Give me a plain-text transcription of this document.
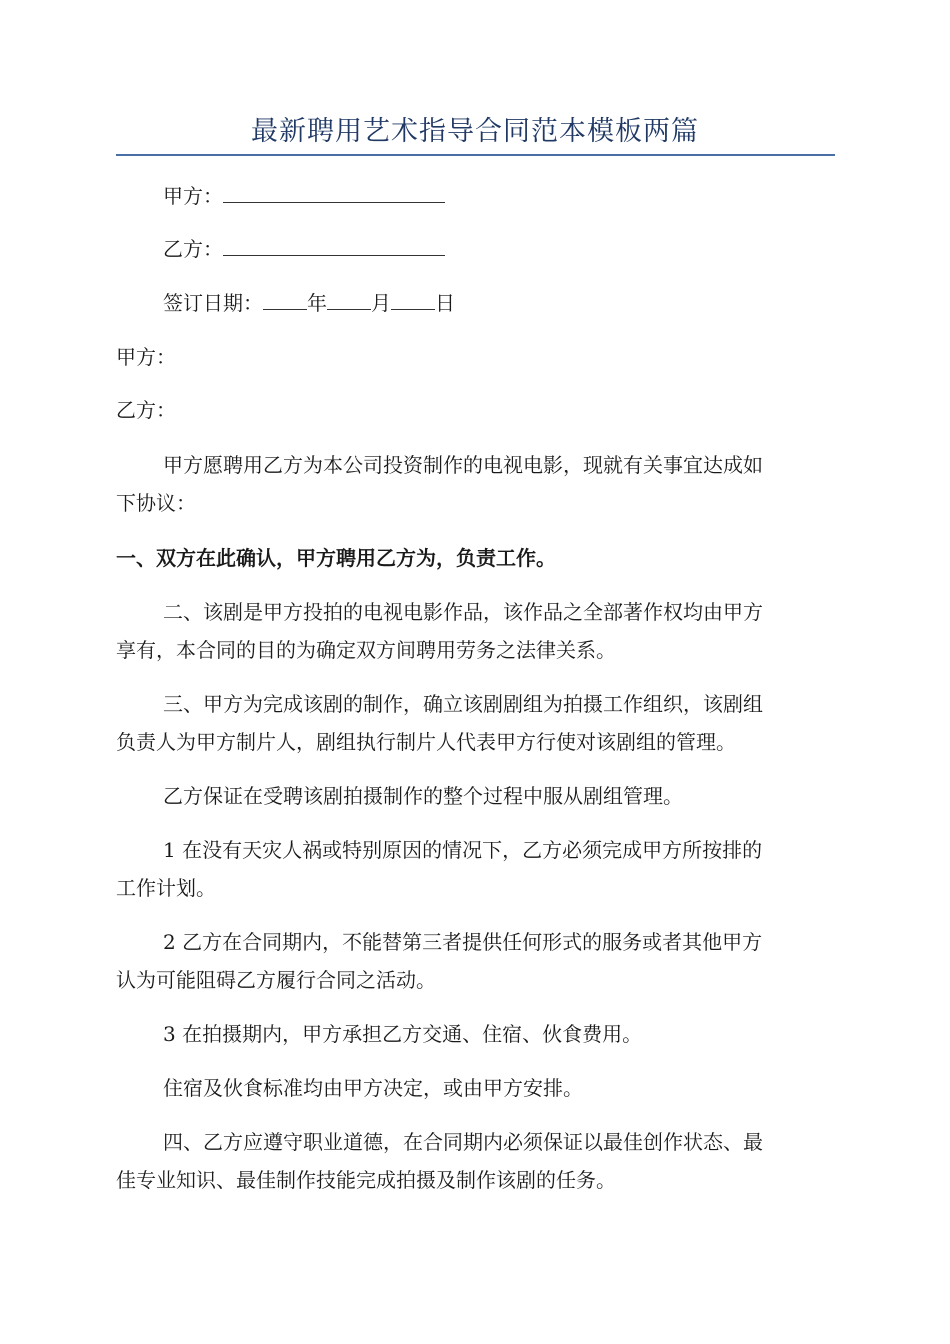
最新聘用艺术指导合同范本模板两篇
甲方：
乙方：
签订日期： 年 月 日
甲方：
乙方：
甲方愿聘用乙方为本公司投资制作的电视电影，现就有关事宜达成如
下协议：
一、双方在此确认，甲方聘用乙方为，负责工作。
二、该剧是甲方投拍的电视电影作品，该作品之全部著作权均由甲方
享有，本合同的目的为确定双方间聘用劳务之法律关系。
三、甲方为完成该剧的制作，确立该剧剧组为拍摄工作组织，该剧组
负责人为甲方制片人，剧组执行制片人代表甲方行使对该剧组的管理。
乙方保证在受聘该剧拍摄制作的整个过程中服从剧组管理。
1 在没有天灾人祸或特别原因的情况下，乙方必须完成甲方所按排的
工作计划。
2 乙方在合同期内，不能替第三者提供任何形式的服务或者其他甲方
认为可能阻碍乙方履行合同之活动。
3 在拍摄期内，甲方承担乙方交通、住宿、伙食费用。
住宿及伙食标准均由甲方决定，或由甲方安排。
四、乙方应遵守职业道德，在合同期内必须保证以最佳创作状态、最
佳专业知识、最佳制作技能完成拍摄及制作该剧的任务。
